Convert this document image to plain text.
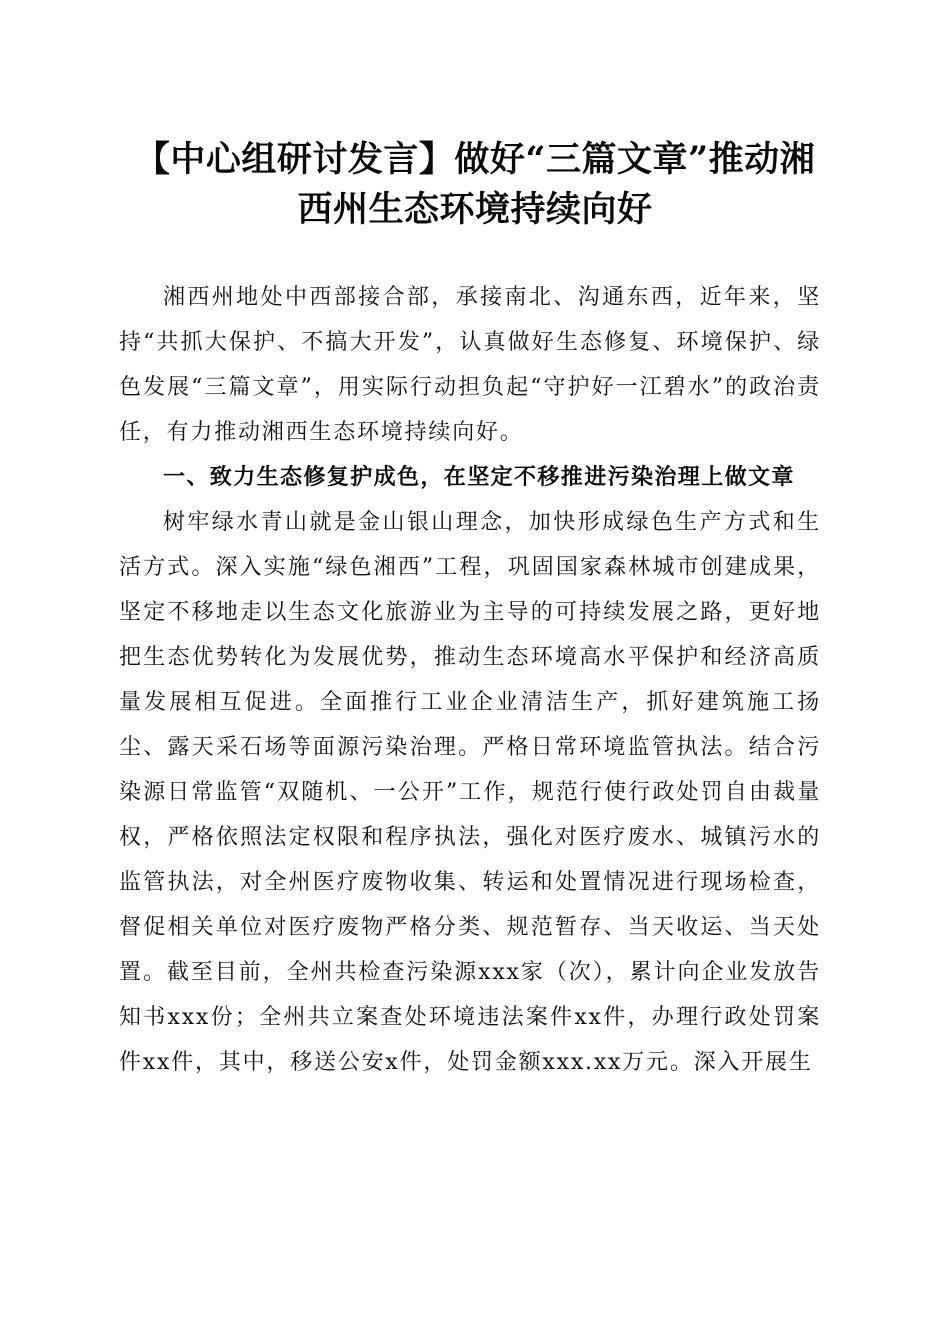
【中心组研讨发言】做好“三篇文章”推动湘
西州生态环境持续向好

湘西州地处中西部接合部，承接南北、沟通东西，近年来，坚持“共抓大保护、不搞大开发”，认真做好生态修复、环境保护、绿色发展“三篇文章”，用实际行动担负起“守护好一江碧水”的政治责任，有力推动湘西生态环境持续向好。

一、致力生态修复护成色，在坚定不移推进污染治理上做文章

树牢绿水青山就是金山银山理念，加快形成绿色生产方式和生活方式。深入实施“绿色湘西”工程，巩固国家森林城市创建成果，坚定不移地走以生态文化旅游业为主导的可持续发展之路，更好地把生态优势转化为发展优势，推动生态环境高水平保护和经济高质量发展相互促进。全面推行工业企业清洁生产，抓好建筑施工扬尘、露天采石场等面源污染治理。严格日常环境监管执法。结合污染源日常监管“双随机、一公开”工作，规范行使行政处罚自由裁量权，严格依照法定权限和程序执法，强化对医疗废水、城镇污水的监管执法，对全州医疗废物收集、转运和处置情况进行现场检查，督促相关单位对医疗废物严格分类、规范暂存、当天收运、当天处置。截至目前，全州共检查污染源xxx家（次），累计向企业发放告知书xxx份；全州共立案查处环境违法案件xx件，办理行政处罚案件xx件，其中，移送公安x件，处罚金额xxx.xx万元。深入开展生
